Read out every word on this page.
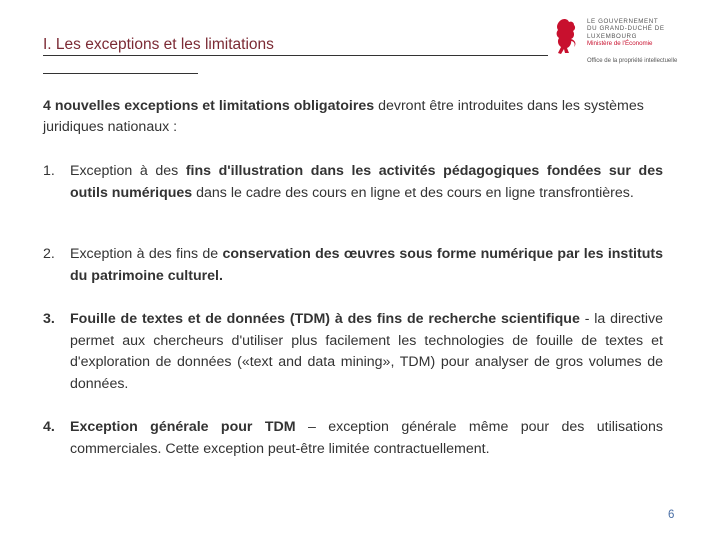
I. Les exceptions et les limitations
LE GOUVERNEMENT
DU GRAND-DUCHÉ DE LUXEMBOURG
Ministère de l'Économie
Office de la propriété intellectuelle
4 nouvelles exceptions et limitations obligatoires devront être introduites dans les systèmes juridiques nationaux :
1. Exception à des fins d'illustration dans les activités pédagogiques fondées sur des outils numériques dans le cadre des cours en ligne et des cours en ligne transfrontières.
2. Exception à des fins de conservation des œuvres sous forme numérique par les instituts du patrimoine culturel.
3. Fouille de textes et de données (TDM) à des fins de recherche scientifique - la directive permet aux chercheurs d'utiliser plus facilement les technologies de fouille de textes et d'exploration de données («text and data mining», TDM) pour analyser de gros volumes de données.
4. Exception générale pour TDM – exception générale même pour des utilisations commerciales. Cette exception peut-être limitée contractuellement.
6
